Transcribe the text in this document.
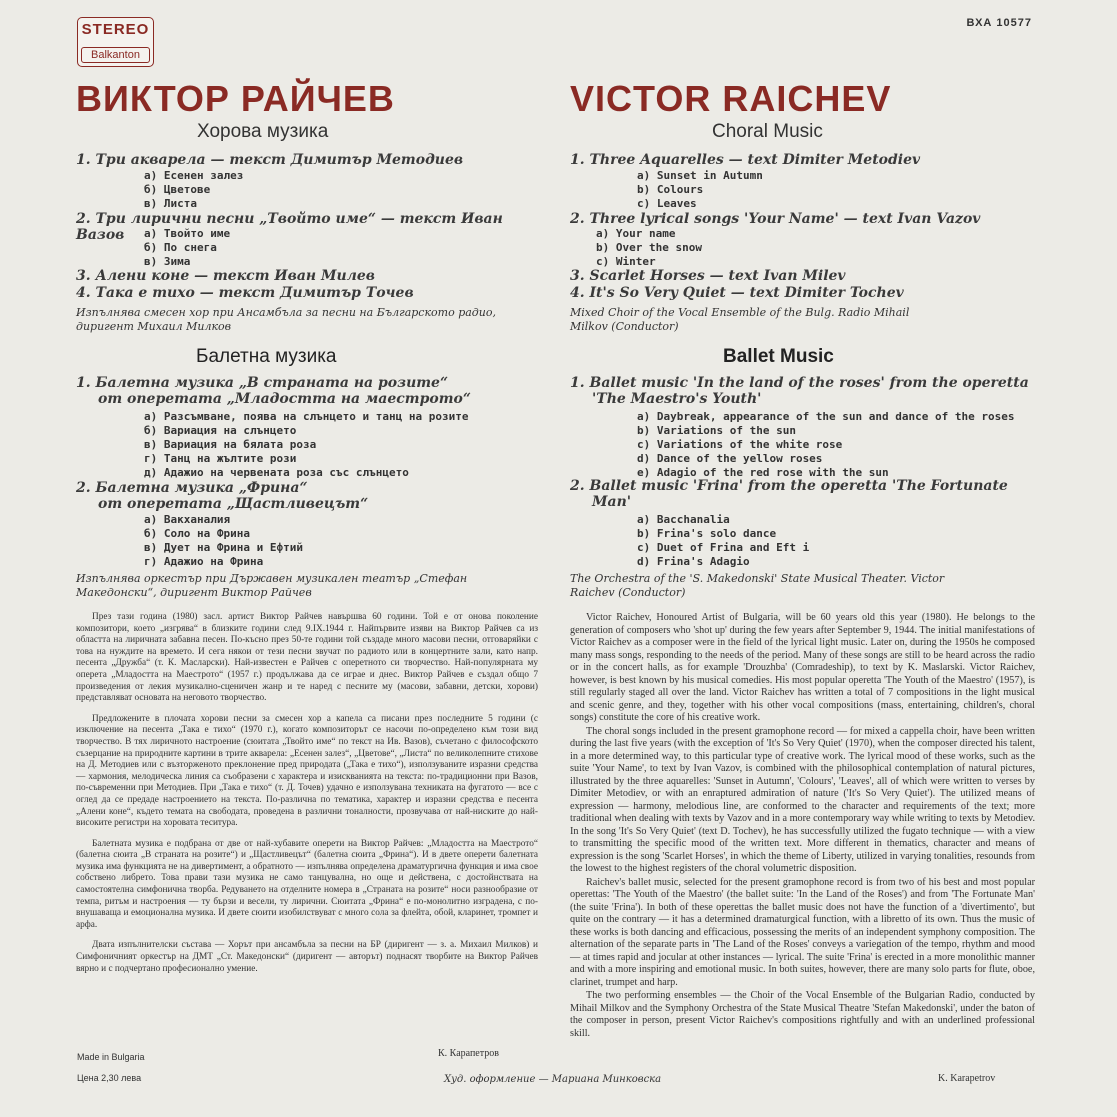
STEREO
Balkanton
ВХА 10577
ВИКТОР РАЙЧЕВ
Хорова музика
VICTOR RAICHEV
Choral Music
1. Три акварела — текст Димитър Методиев
а) Есенен залез
б) Цветове
в) Листа
2. Три лирични песни „Твойто име“ — текст Иван Вазов	а) Твойто име
б) По снега
в) Зима
3. Алени коне — текст Иван Милев
4. Така е тихо — текст Димитър Точев
Изпълнява смесен хор при Ансамбъла за песни на Българското радио, диригент Михаил Милков
Балетна музика
1. Балетна музика „В страната на розите“
от оперетата „Младостта на маестрото“
а) Разсъмване, поява на слънцето и танц на розите
б) Вариация на слънцето
в) Вариация на бялата роза
г) Танц на жълтите рози
д) Адажио на червената роза със слънцето
2. Балетна музика „Фрина“
от оперетата „Щастливецът“
а) Вакханалия
б) Соло на Фрина
в) Дует на Фрина и Ефтий
г) Адажио на Фрина
Изпълнява оркестър при Държавен музикален театър „Стефан Македонски“, диригент Виктор Райчев
1. Three Aquarelles — text Dimiter Metodiev
a) Sunset in Autumn
b) Colours
c) Leaves
2. Three lyrical songs 'Your Name' — text Ivan Vazov
a) Your name
b) Over the snow
c) Winter
3. Scarlet Horses — text Ivan Milev
4. It's So Very Quiet — text Dimiter Tochev
Mixed Choir of the Vocal Ensemble of the Bulg. Radio Mihail Milkov (Conductor)
Ballet Music
1. Ballet music 'In the land of the roses' from the operetta
'The Maestro's Youth'
a) Daybreak, appearance of the sun and dance of the roses
b) Variations of the sun
c) Variations of the white rose
d) Dance of the yellow roses
e) Adagio of the red rose with the sun
2. Ballet music 'Frina' from the operetta 'The Fortunate
Man'
a) Bacchanalia
b) Frina's solo dance
c) Duet of Frina and Eft i
d) Frina's Adagio
The Orchestra of the 'S. Makedonski' State Musical Theater. Victor Raichev (Conductor)

През тази година (1980) засл. артист Виктор Райчев навършва 60 години. Той е от онова поколение композитори, което „изгрява“ в близките години след 9.IX.1944 г. Найпървите изяви на Виктор Райчев са из областта на лиричната забавна песен. По-късно през 50-те години той създаде много масови песни, отговаряйки с това на нуждите на времето. И сега някои от тези песни звучат по радиото или в концертните зали, като напр. песента „Дружба“ (т. К. Масларски). Най-известен е Райчев с оперетното си творчество. Най-популярната му оперета „Младостта на Маестрото“ (1957 г.) продължава да се играе и днес. Виктор Райчев е създал общо 7 произведения от лекия музикално-сценичен жанр и те наред с песните му (масови, забавни, детски, хорови) представляват основата на неговото творчество.

Предложените в плочата хорови песни за смесен хор а капела са писани през последните 5 години (с изключение на песента „Така е тихо“ (1970 г.), когато композиторът се насочи по-определено към този вид творчество. В тях лиричното настроение (сюитата „Твойто име“ по текст на Ив. Вазов), съчетано с философското съзерцание на природните картини в трите акварела: „Есенен залез“, „Цветове“, „Листа“ по великолепните стихове на Д. Методиев или с възторженото преклонение пред природата („Така е тихо“), използуваните изразни средства — хармония, мелодическа линия са съобразени с характера и изискванията на текста: по-традиционни при Вазов, по-съвременни при Методиев. При „Така е тихо“ (т. Д. Точев) удачно е използувана техниката на фугатото — все с оглед да се предаде настроението на текста. По-различна по тематика, характер и изразни средства е песента „Алени коне“, където темата на свободата, проведена в различни тоналности, прозвучава от най-ниските до най-високите регистри на хоровата теситура.

Балетната музика е подбрана от две от най-хубавите оперети на Виктор Райчев: „Младостта на Маестрото“ (балетна сюита „В страната на розите“) и „Щастливецът“ (балетна сюита „Фрина“). И в двете оперети балетната музика има функцията не на дивертимент, а обратното — изпълнява определена драматургична функция и има свое собствено либрето. Това прави тази музика не само танцувална, но още и действена, с достойнствата на самостоятелна симфонична творба. Редуването на отделните номера в „Страната на розите“ носи разнообразие от темпа, ритъм и настроения — ту бързи и весели, ту лирични. Сюитата „Фрина“ е по-монолитно изградена, с по-внушаваща и емоционална музика. И двете сюити изобилствуват с много сола за флейта, обой, кларинет, тромпет и арфа.

Двата изпълнителски състава — Хорът при ансамбъла за песни на БР (диригент — з. а. Михаил Милков) и Симфоничният оркестър на ДМТ „Ст. Македонски“ (диригент — авторът) поднасят творбите на Виктор Райчев вярно и с подчертано професионално умение.

К. Карапетров

Victor Raichev, Honoured Artist of Bulgaria, will be 60 years old this year (1980). He belongs to the generation of composers who 'shot up' during the few years after September 9, 1944. The initial manifestations of Victor Raichev as a composer were in the field of the lyrical light music. Later on, during the 1950s he composed many mass songs, responding to the needs of the period. Many of these songs are still to be heard across the radio or in the concert halls, as for example 'Drouzhba' (Comradeship), to text by K. Maslarski. Victor Raichev, however, is best known by his musical comedies. His most popular operetta 'The Youth of the Maestro' (1957), is still regularly staged all over the land. Victor Raichev has written a total of 7 compositions in the light musical and scenic genre, and they, together with his other vocal compositions (mass, entertaining, children's, choral songs) constitute the core of his creative work.

The choral songs included in the present gramophone record — for mixed a cappella choir, have been written during the last five years (with the exception of 'It's So Very Quiet' (1970), when the composer directed his talent, in a more determined way, to this particular type of creative work. The lyrical mood of these works, such as the suite 'Your Name', to text by Ivan Vazov, is combined with the philosophical contemplation of natural pictures, illustrated by the three aquarelles: 'Sunset in Autumn', 'Colours', 'Leaves', all of which were written to verses by Dimiter Metodiev, or with an enraptured admiration of nature ('It's So Very Quiet'). The utilized means of expression — harmony, melodious line, are conformed to the character and requirements of the text; more traditional when dealing with texts by Vazov and in a more contemporary way while writing to texts by Metodiev. In the song 'It's So Very Quiet' (text D. Tochev), he has successfully utilized the fugato technique — with a view to transmitting the specific mood of the written text. More different in thematics, character and means of expression is the song 'Scarlet Horses', in which the theme of Liberty, utilized in varying tonalities, resounds from the lowest to the highest registers of the choral volumetric disposition.

Raichev's ballet music, selected for the present gramophone record is from two of his best and most popular operettas: 'The Youth of the Maestro' (the ballet suite: 'In the Land of the Roses') and from 'The Fortunate Man' (the suite 'Frina'). In both of these operettas the ballet music does not have the function of a 'divertimento', but quite on the contrary — it has a determined dramaturgical function, with a libretto of its own. Thus the music of these works is both dancing and efficacious, possessing the merits of an independent symphony composition. The alternation of the separate parts in 'The Land of the Roses' conveys a variegation of the tempo, rhythm and mood — at times rapid and jocular at other instances — lyrical. The suite 'Frina' is erected in a more monolithic manner and with a more inspiring and emotional music. In both suites, however, there are many solo parts for flute, oboe, clarinet, trumpet and harp.

The two performing ensembles — the Choir of the Vocal Ensemble of the Bulgarian Radio, conducted by Mihail Milkov and the Symphony Orchestra of the State Musical Theatre 'Stefan Makedonski', under the baton of the composer in person, present Victor Raichev's compositions rightfully and with an underlined professional skill.

Made in Bulgaria
Цена 2,30 лева	Худ. оформление — Мариана Минковска	K. Karapetrov
